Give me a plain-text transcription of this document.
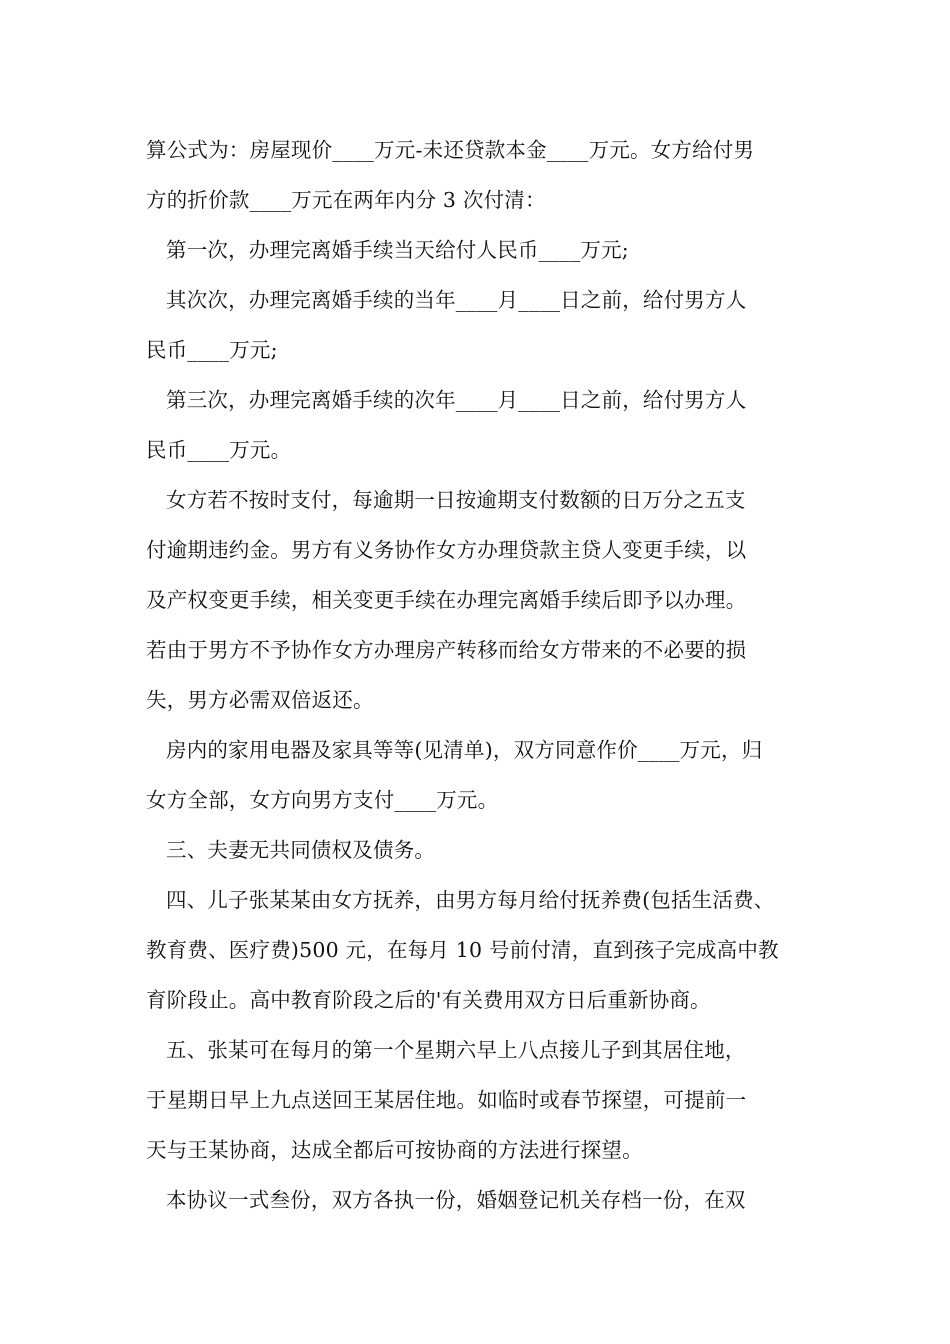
算公式为：房屋现价____万元-未还贷款本金____万元。女方给付男
方的折价款____万元在两年内分 3 次付清：
第一次，办理完离婚手续当天给付人民币____万元;
其次次，办理完离婚手续的当年____月____日之前，给付男方人
民币____万元;
第三次，办理完离婚手续的次年____月____日之前，给付男方人
民币____万元。
女方若不按时支付，每逾期一日按逾期支付数额的日万分之五支
付逾期违约金。男方有义务协作女方办理贷款主贷人变更手续，以
及产权变更手续，相关变更手续在办理完离婚手续后即予以办理。
若由于男方不予协作女方办理房产转移而给女方带来的不必要的损
失，男方必需双倍返还。
房内的家用电器及家具等等(见清单)，双方同意作价____万元，归
女方全部，女方向男方支付____万元。
三、夫妻无共同债权及债务。
四、儿子张某某由女方抚养，由男方每月给付抚养费(包括生活费、
教育费、医疗费)500 元，在每月 10 号前付清，直到孩子完成高中教
育阶段止。高中教育阶段之后的'有关费用双方日后重新协商。
五、张某可在每月的第一个星期六早上八点接儿子到其居住地，
于星期日早上九点送回王某居住地。如临时或春节探望，可提前一
天与王某协商，达成全都后可按协商的方法进行探望。
本协议一式叁份，双方各执一份，婚姻登记机关存档一份，在双
